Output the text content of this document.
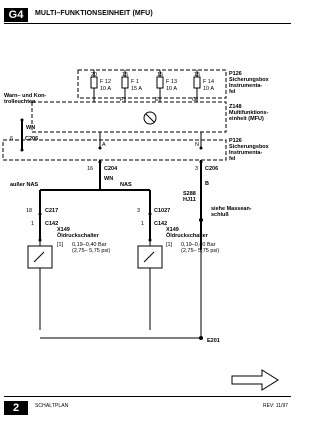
G4	MULTI–FUNKTIONSEINHEIT (MFU)
20
F 12
10 A
15
F 1
15 A
15
F 13
10 A
15
F 14
10 A
F	E	G
P126
Sicherungsbox
Instrumenta-
fel
Z148
Multifunktions-
einheit (MFU)
P126
Sicherungsbox
Instrumenta-
fel
Warn– und Kon-
trolleuchten
WN
6 C206
A	N
16 C204
WN
3 C206
B
außer NAS	NAS
18 C217	3	C1027
1 C142	1 C142
S288
HJ11
siehe Massean-
schluß
E201
X149
Öldruckschalter
[1] 0,19–0,40 Bar
(2,75– 5,75 psi)
X149
Öldruckschalter
[1] 0,19–0,40 Bar
(2,75– 5,75 psi)
2	SCHALTPLAN	REV: 11/97
